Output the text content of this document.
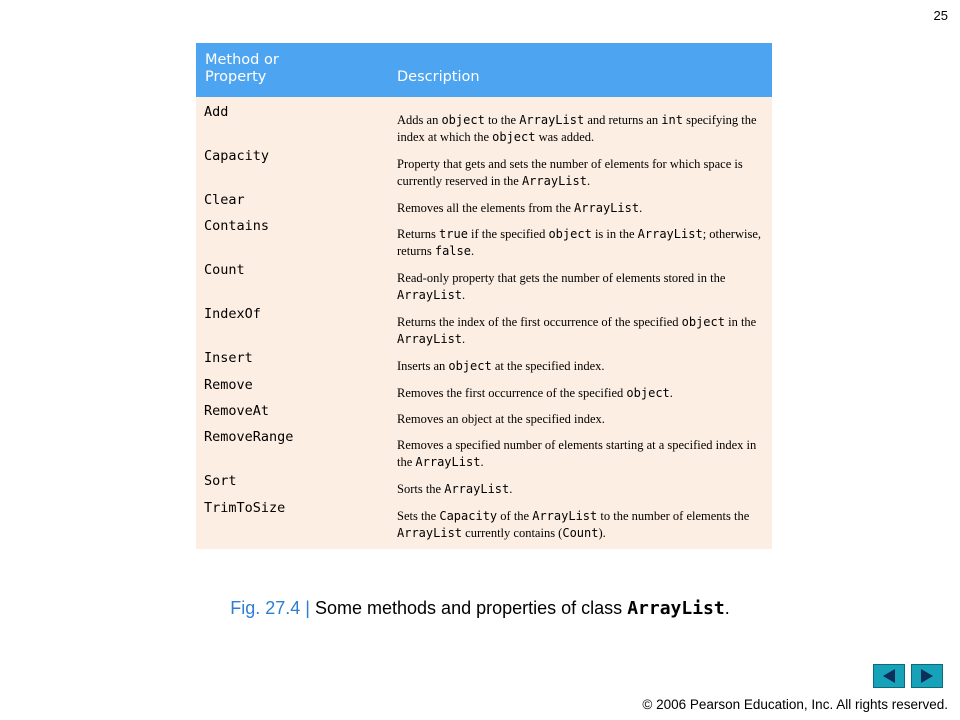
25
Method or
Property	Description
Add	Adds an object to the ArrayList and returns an int specifying the index at which the object was added.
Capacity	Property that gets and sets the number of elements for which space is currently reserved in the ArrayList.
Clear	Removes all the elements from the ArrayList.
Contains	Returns true if the specified object is in the ArrayList; otherwise, returns false.
Count	Read-only property that gets the number of elements stored in the ArrayList.
IndexOf	Returns the index of the first occurrence of the specified object in the ArrayList.
Insert	Inserts an object at the specified index.
Remove	Removes the first occurrence of the specified object.
RemoveAt	Removes an object at the specified index.
RemoveRange	Removes a specified number of elements starting at a specified index in the ArrayList.
Sort	Sorts the ArrayList.
TrimToSize	Sets the Capacity of the ArrayList to the number of elements the ArrayList currently contains (Count).
Fig. 27.4 | Some methods and properties of class ArrayList.
© 2006 Pearson Education, Inc. All rights reserved.
